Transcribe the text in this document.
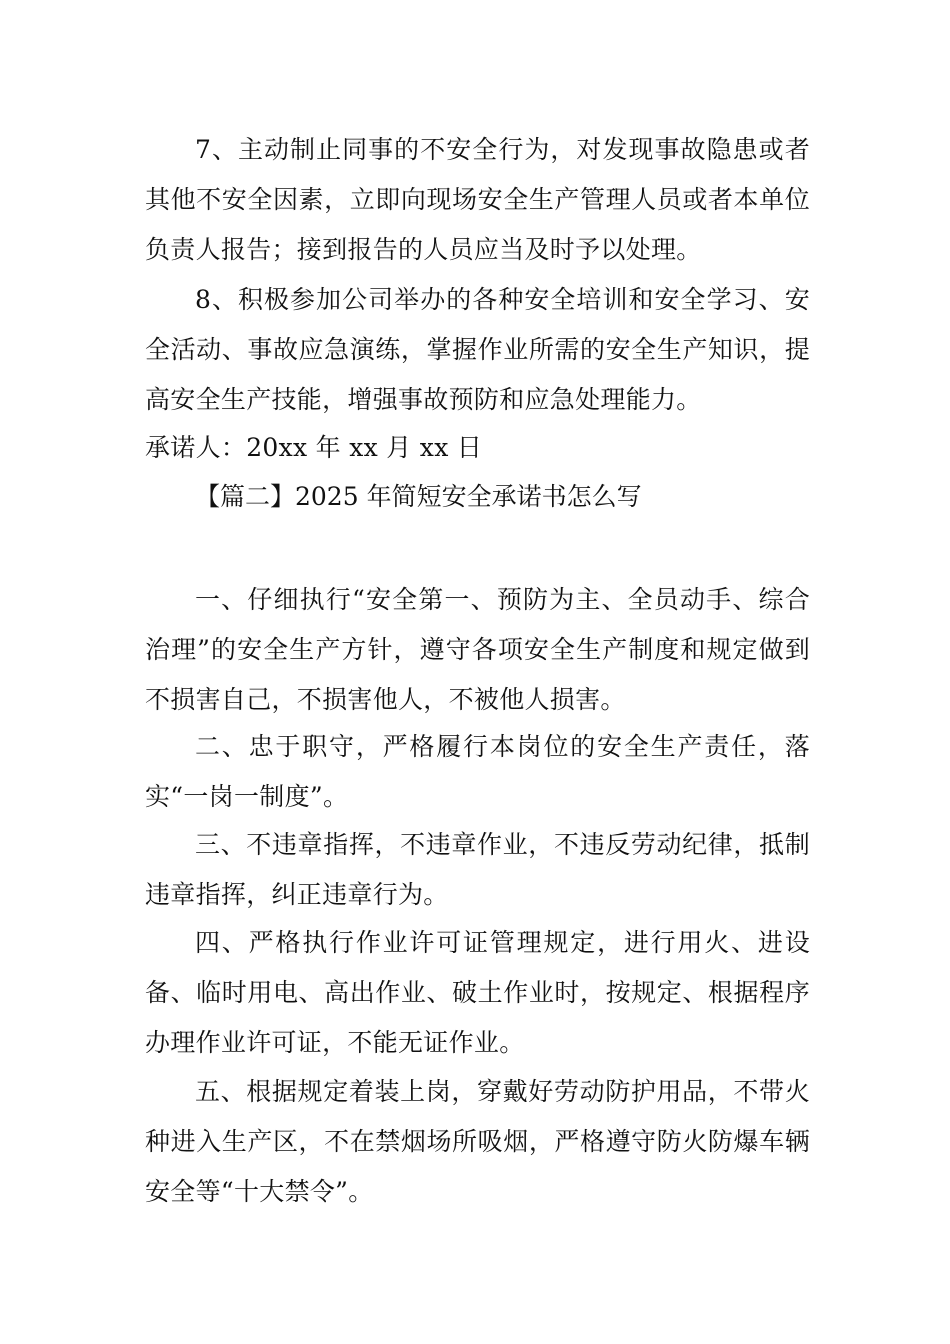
7、主动制止同事的不安全行为，对发现事故隐患或者其他不安全因素，立即向现场安全生产管理人员或者本单位负责人报告；接到报告的人员应当及时予以处理。

8、积极参加公司举办的各种安全培训和安全学习、安全活动、事故应急演练，掌握作业所需的安全生产知识，提高安全生产技能，增强事故预防和应急处理能力。

承诺人：20xx 年 xx 月 xx 日

【篇二】2025 年简短安全承诺书怎么写

一、仔细执行“安全第一、预防为主、全员动手、综合治理”的安全生产方针，遵守各项安全生产制度和规定做到不损害自己，不损害他人，不被他人损害。

二、忠于职守，严格履行本岗位的安全生产责任，落实“一岗一制度”。

三、不违章指挥，不违章作业，不违反劳动纪律，抵制违章指挥，纠正违章行为。

四、严格执行作业许可证管理规定，进行用火、进设备、临时用电、高出作业、破土作业时，按规定、根据程序办理作业许可证，不能无证作业。

五、根据规定着装上岗，穿戴好劳动防护用品，不带火种进入生产区，不在禁烟场所吸烟，严格遵守防火防爆车辆安全等“十大禁令”。
